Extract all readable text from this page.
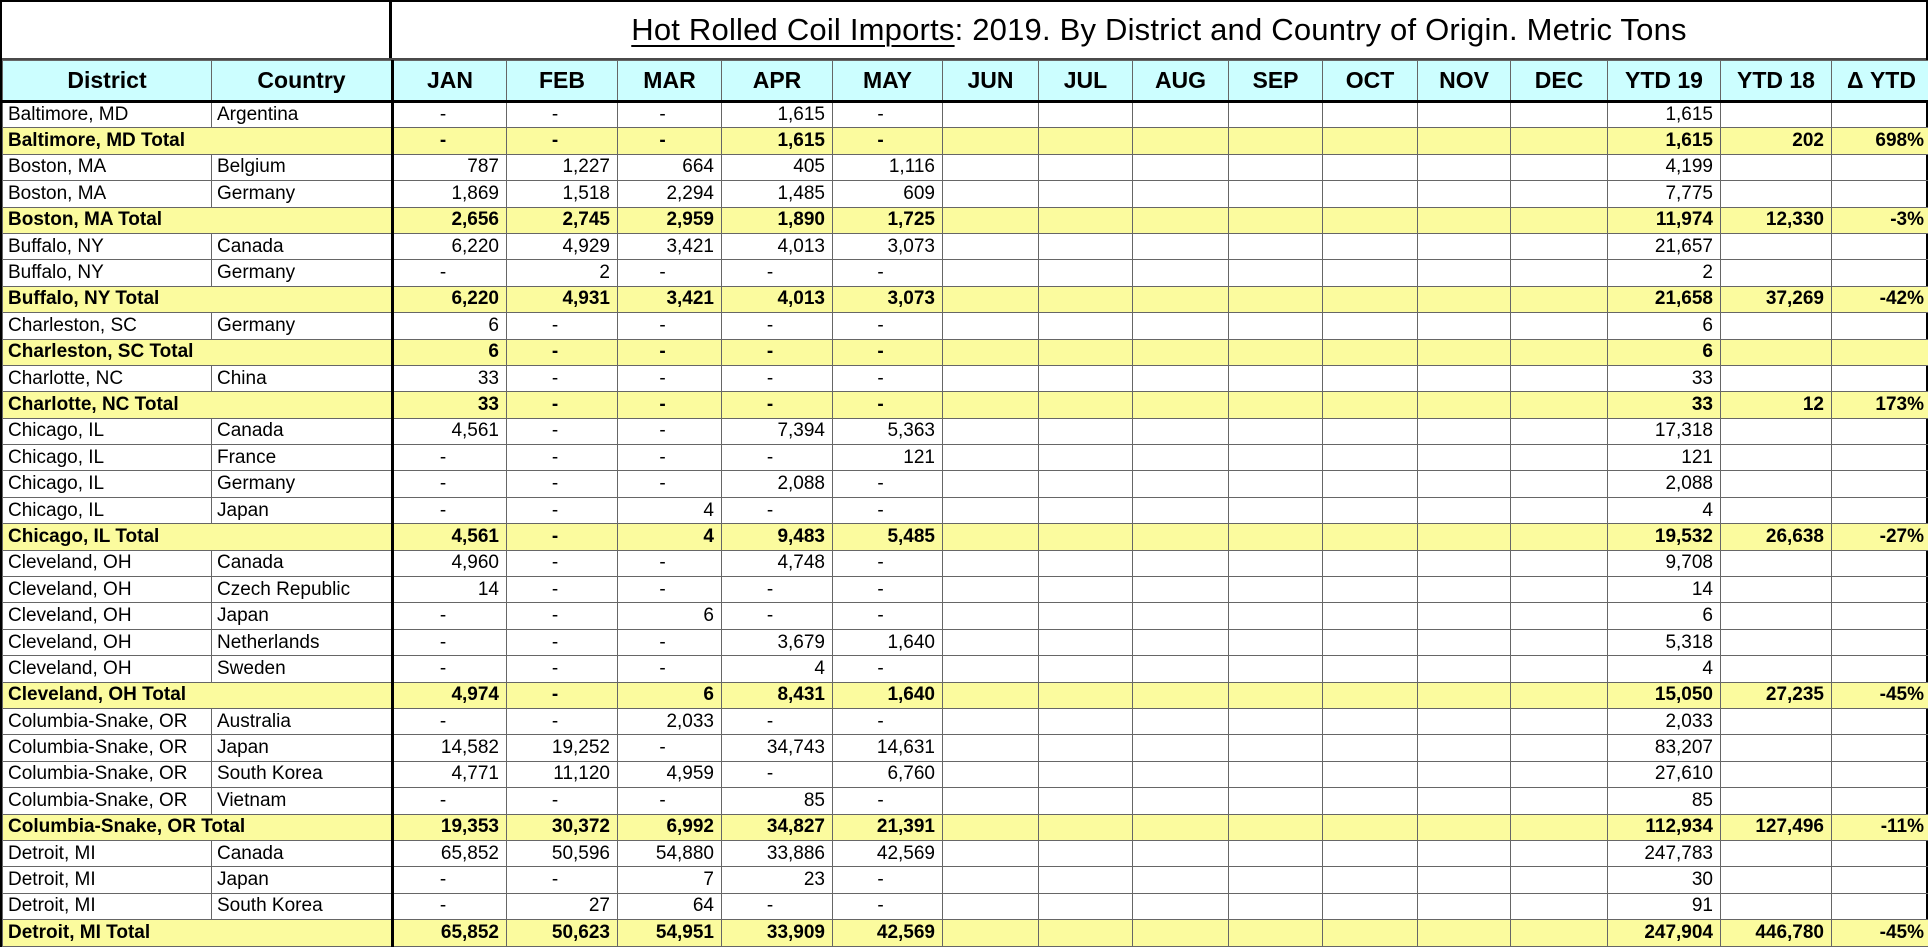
Hot Rolled Coil Imports : 2019. By District and Country of Origin. Metric Tons
District	Country	JAN	FEB	MAR	APR	MAY	JUN	JUL	AUG	SEP	OCT	NOV	DEC	YTD 19	YTD 18	Δ YTD
Baltimore, MD	Argentina	-	-	-	1,615	-								1,615		
Baltimore, MD Total		-	-	-	1,615	-								1,615	202	698%
Boston, MA	Belgium	787	1,227	664	405	1,116								4,199		
Boston, MA	Germany	1,869	1,518	2,294	1,485	609								7,775		
Boston, MA Total		2,656	2,745	2,959	1,890	1,725								11,974	12,330	-3%
Buffalo, NY	Canada	6,220	4,929	3,421	4,013	3,073								21,657		
Buffalo, NY	Germany	-	2	-	-	-								2		
Buffalo, NY Total		6,220	4,931	3,421	4,013	3,073								21,658	37,269	-42%
Charleston, SC	Germany	6	-	-	-	-								6		
Charleston, SC Total		6	-	-	-	-								6		
Charlotte, NC	China	33	-	-	-	-								33		
Charlotte, NC Total		33	-	-	-	-								33	12	173%
Chicago, IL	Canada	4,561	-	-	7,394	5,363								17,318		
Chicago, IL	France	-	-	-	-	121								121		
Chicago, IL	Germany	-	-	-	2,088	-								2,088		
Chicago, IL	Japan	-	-	4	-	-								4		
Chicago, IL Total		4,561	-	4	9,483	5,485								19,532	26,638	-27%
Cleveland, OH	Canada	4,960	-	-	4,748	-								9,708		
Cleveland, OH	Czech Republic	14	-	-	-	-								14		
Cleveland, OH	Japan	-	-	6	-	-								6		
Cleveland, OH	Netherlands	-	-	-	3,679	1,640								5,318		
Cleveland, OH	Sweden	-	-	-	4	-								4		
Cleveland, OH Total		4,974	-	6	8,431	1,640								15,050	27,235	-45%
Columbia-Snake, OR	Australia	-	-	2,033	-	-								2,033		
Columbia-Snake, OR	Japan	14,582	19,252	-	34,743	14,631								83,207		
Columbia-Snake, OR	South Korea	4,771	11,120	4,959	-	6,760								27,610		
Columbia-Snake, OR	Vietnam	-	-	-	85	-								85		
Columbia-Snake, OR Total		19,353	30,372	6,992	34,827	21,391								112,934	127,496	-11%
Detroit, MI	Canada	65,852	50,596	54,880	33,886	42,569								247,783		
Detroit, MI	Japan	-	-	7	23	-								30		
Detroit, MI	South Korea	-	27	64	-	-								91		
Detroit, MI Total		65,852	50,623	54,951	33,909	42,569								247,904	446,780	-45%
